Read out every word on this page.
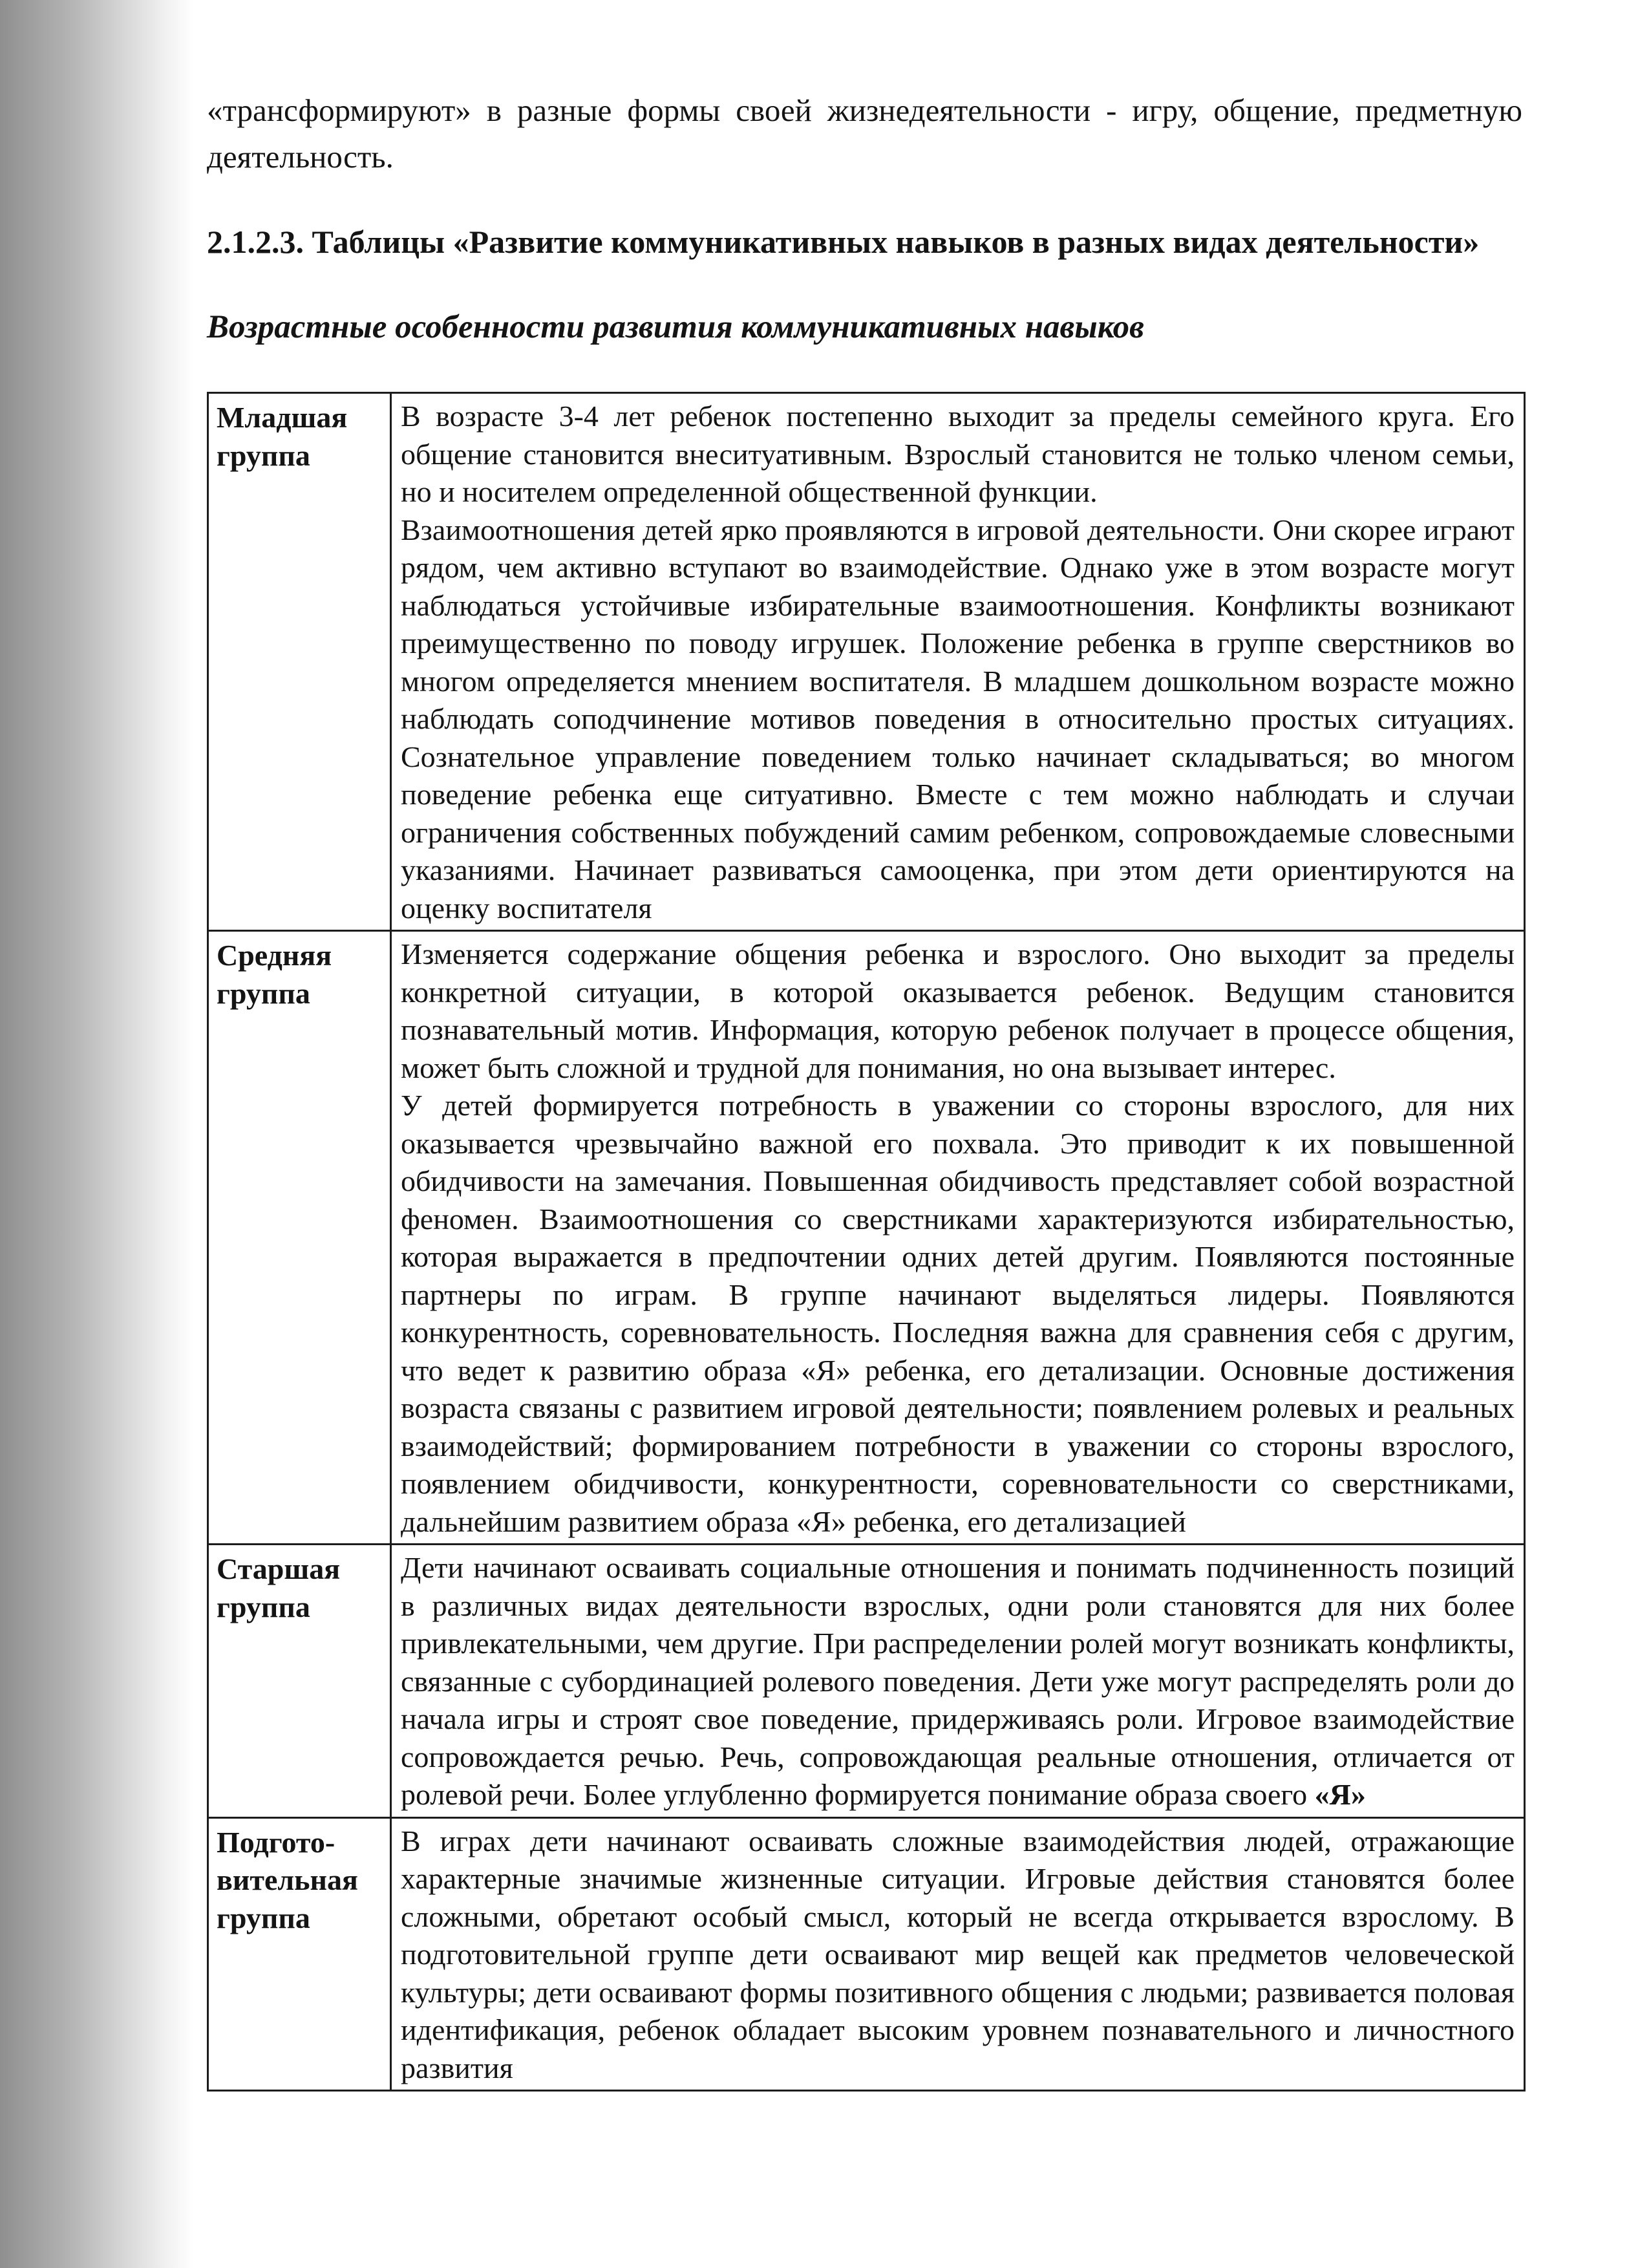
«трансформируют» в разные формы своей жизнедеятельности - игру, общение, предметную деятельность.

2.1.2.3. Таблицы «Развитие коммуникативных навыков в разных видах деятельности»
Возрастные особенности развития коммуникативных навыков
Младшая группа	В возрасте 3-4 лет ребенок постепенно выходит за пределы семейного круга. Его общение становится внеситуативным. Взрослый становится не только членом семьи, но и носителем определенной общественной функции.

Взаимоотношения детей ярко проявляются в игровой деятельности. Они скорее играют рядом, чем активно вступают во взаимодействие. Однако уже в этом возрасте могут наблюдаться устойчивые избирательные взаимоотношения. Конфликты возникают преимущественно по поводу игрушек. Положение ребенка в группе сверстников во многом определяется мнением воспитателя. В младшем дошкольном возрасте можно наблюдать соподчинение мотивов поведения в относительно простых ситуациях. Сознательное управление поведением только начинает складываться; во многом поведение ребенка еще ситуативно. Вместе с тем можно наблюдать и случаи ограничения собственных побуждений самим ребенком, сопровождаемые словесными указаниями. Начинает развиваться самооценка, при этом дети ориентируются на оценку воспитателя

Средняя группа	Изменяется содержание общения ребенка и взрослого. Оно выходит за пределы конкретной ситуации, в которой оказывается ребенок. Ведущим становится познавательный мотив. Информация, которую ребенок получает в процессе общения, может быть сложной и трудной для понимания, но она вызывает интерес.

У детей формируется потребность в уважении со стороны взрослого, для них оказывается чрезвычайно важной его похвала. Это приводит к их повышенной обидчивости на замечания. Повышенная обидчивость представляет собой возрастной феномен. Взаимоотношения со сверстниками характеризуются избирательностью, которая выражается в предпочтении одних детей другим. Появляются постоянные партнеры по играм. В группе начинают выделяться лидеры. Появляются конкурентность, соревновательность. Последняя важна для сравнения себя с другим, что ведет к развитию образа «Я» ребенка, его детализации. Основные достижения возраста связаны с развитием игровой деятельности; появлением ролевых и реальных взаимодействий; формированием потребности в уважении со стороны взрослого, появлением обидчивости, конкурентности, соревновательности со сверстниками, дальнейшим развитием образа «Я» ребенка, его детализацией

Старшая группа	Дети начинают осваивать социальные отношения и понимать подчиненность позиций в различных видах деятельности взрослых, одни роли становятся для них более привлекательными, чем другие. При распределении ролей могут возникать конфликты, связанные с субординацией ролевого поведения. Дети уже могут распределять роли до начала игры и строят свое поведение, придерживаясь роли. Игровое взаимодействие сопровождается речью. Речь, сопровождающая реальные отношения, отличается от ролевой речи. Более углубленно формируется понимание образа своего «Я»

Подгото-вительная группа	В играх дети начинают осваивать сложные взаимодействия людей, отражающие характерные значимые жизненные ситуации. Игровые действия становятся более сложными, обретают особый смысл, который не всегда открывается взрослому. В подготовительной группе дети осваивают мир вещей как предметов человеческой культуры; дети осваивают формы позитивного общения с людьми; развивается половая идентификация, ребенок обладает высоким уровнем познавательного и личностного развития
